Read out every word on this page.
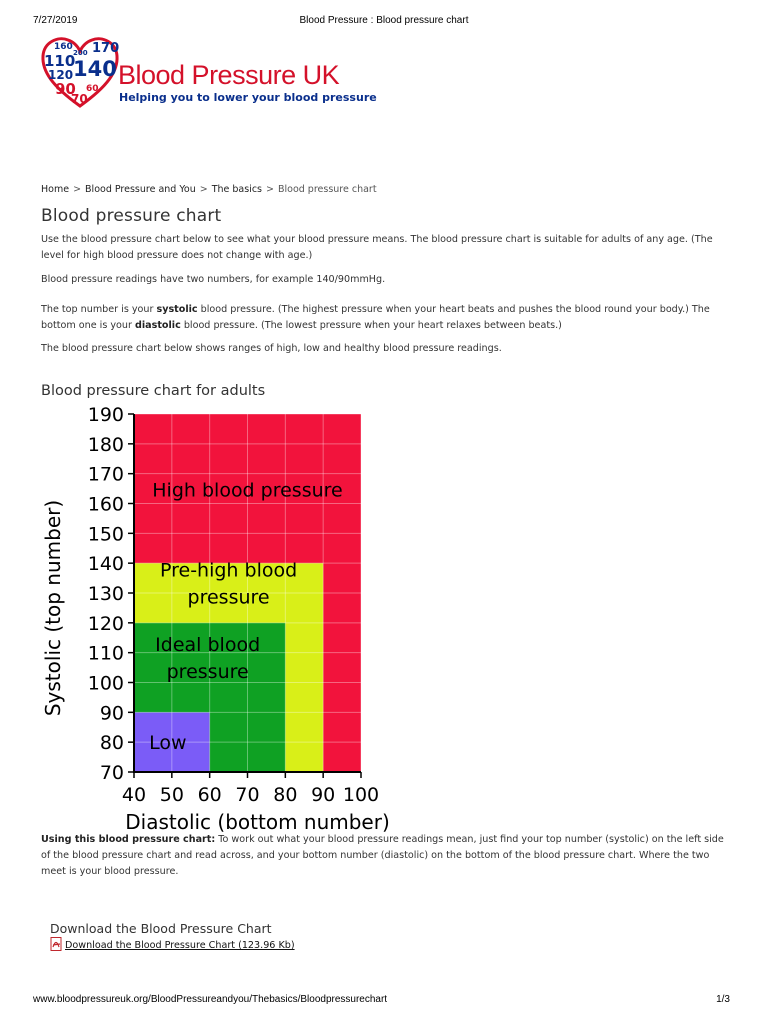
7/27/2019	Blood Pressure : Blood pressure chart
160 170
110
200
140
120
90 60
70
Blood Pressure UK
Helping you to lower your blood pressure
Home > Blood Pressure and You > The basics > Blood pressure chart
Blood pressure chart

Use the blood pressure chart below to see what your blood pressure means. The blood pressure chart is suitable for adults of any age. (The level for high blood pressure does not change with age.)

Blood pressure readings have two numbers, for example 140/90mmHg.

The top number is your systolic blood pressure. (The highest pressure when your heart beats and pushes the blood round your body.) The bottom one is your diastolic blood pressure. (The lowest pressure when your heart relaxes between beats.)

The blood pressure chart below shows ranges of high, low and healthy blood pressure readings.

Blood pressure chart for adults
70
80
90
100
110
120
130
140
150
160
170
180
190
40 50 60 70 80 90 100
Diastolic (bottom number)
Systolic (top number)
High blood pressure
Pre-high blood
pressure
Ideal blood
pressure
Low

Using this blood pressure chart: To work out what your blood pressure readings mean, just find your top number (systolic) on the left side of the blood pressure chart and read across, and your bottom number (diastolic) on the bottom of the blood pressure chart. Where the two meet is your blood pressure.

Download the Blood Pressure Chart
Download the Blood Pressure Chart (123.96 Kb)
www.bloodpressureuk.org/BloodPressureandyou/Thebasics/Bloodpressurechart	1/3
